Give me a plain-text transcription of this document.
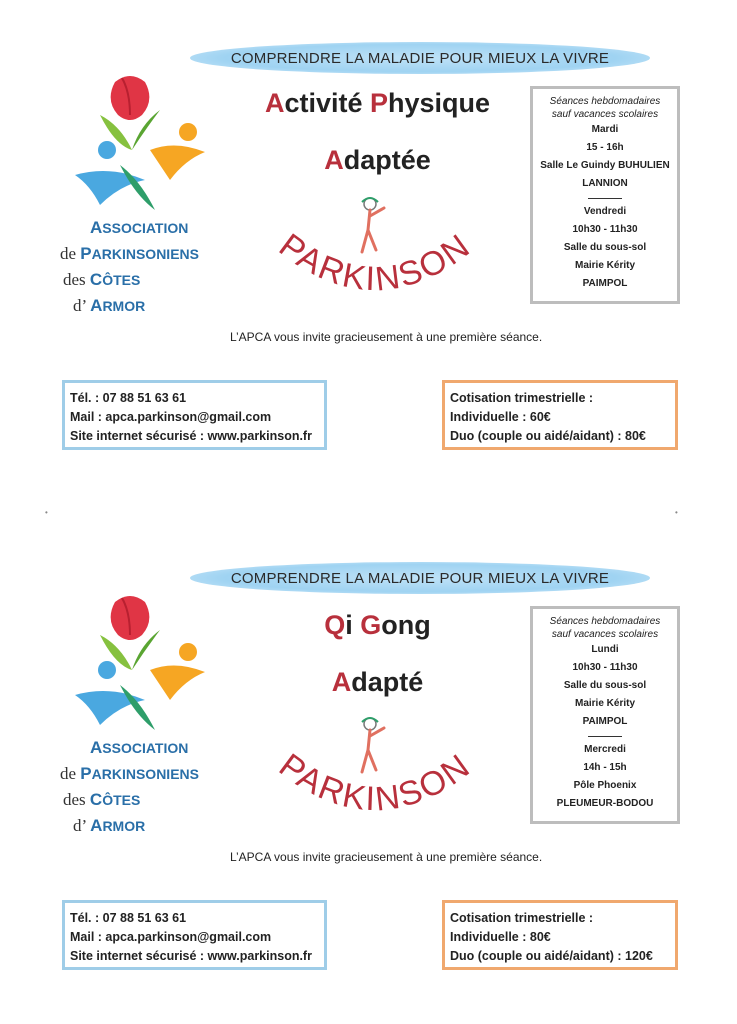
COMPRENDRE LA MALADIE POUR MIEUX LA VIVRE
ASSOCIATION
de PARKINSONIENS
des CÔTES
d’ ARMOR
Activité Physique
Adaptée
PARKINSON
Séances hebdomadaires
sauf vacances scolaires
Mardi
15 - 16h
Salle Le Guindy BUHULIEN
LANNION
Vendredi
10h30 - 11h30
Salle du sous-sol
Mairie Kérity
PAIMPOL
L’APCA vous invite gracieusement à une première séance.
Tél. : 07 88 51 63 61
Mail : apca.parkinson@gmail.com
Site internet sécurisé : www.parkinson.fr
Cotisation trimestrielle :
Individuelle : 60€
Duo (couple ou aidé/aidant) : 80€
•	•
COMPRENDRE LA MALADIE POUR MIEUX LA VIVRE
ASSOCIATION
de PARKINSONIENS
des CÔTES
d’ ARMOR
Qi Gong
Adapté
PARKINSON
Séances hebdomadaires
sauf vacances scolaires
Lundi
10h30 - 11h30
Salle du sous-sol
Mairie Kérity
PAIMPOL
Mercredi
14h - 15h
Pôle Phoenix
PLEUMEUR-BODOU
L’APCA vous invite gracieusement à une première séance.
Tél. : 07 88 51 63 61
Mail : apca.parkinson@gmail.com
Site internet sécurisé : www.parkinson.fr
Cotisation trimestrielle :
Individuelle : 80€
Duo (couple ou aidé/aidant) : 120€
